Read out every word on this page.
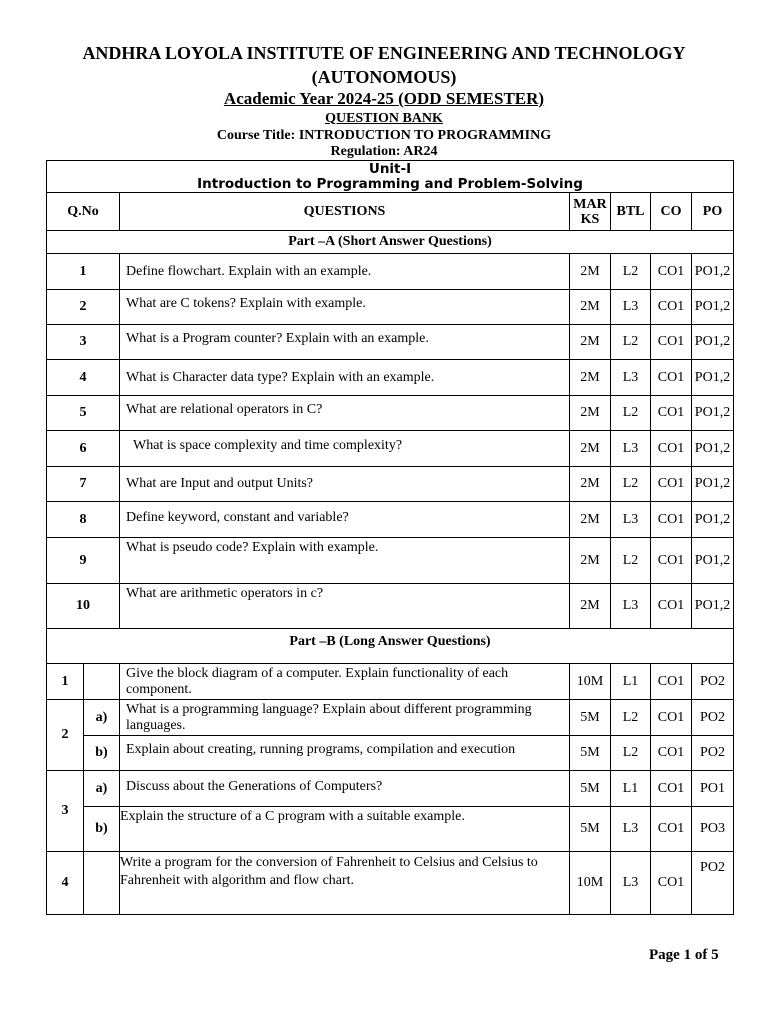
ANDHRA LOYOLA INSTITUTE OF ENGINEERING AND TECHNOLOGY
(AUTONOMOUS)
Academic Year 2024-25 (ODD SEMESTER)
QUESTION BANK
Course Title: INTRODUCTION TO PROGRAMMING
Regulation: AR24
Unit-I
Introduction to Programming and Problem-Solving						

Q.No		QUESTIONS	MAR KS	BTL	CO	PO
Part –A (Short Answer Questions)						
1		Define flowchart. Explain with an example.	2M	L2	CO1	PO1,2
2		What are C tokens? Explain with example.	2M	L3	CO1	PO1,2
3		What is a Program counter? Explain with an example.	2M	L2	CO1	PO1,2
4		What is Character data type? Explain with an example.	2M	L3	CO1	PO1,2
5		What are relational operators in C?	2M	L2	CO1	PO1,2
6		What is space complexity and time complexity?	2M	L3	CO1	PO1,2
7		What are Input and output Units?	2M	L2	CO1	PO1,2
8		Define keyword, constant and variable?	2M	L3	CO1	PO1,2
9		What is pseudo code? Explain with example.	2M	L2	CO1	PO1,2
10		What are arithmetic operators in c?	2M	L3	CO1	PO1,2
Part –B (Long Answer Questions)						
1		Give the block diagram of a computer. Explain functionality of each component.	10M	L1	CO1	PO2
2	a)	What is a programming language? Explain about different programming languages.	5M	L2	CO1	PO2
	b)	Explain about creating, running programs, compilation and execution	5M	L2	CO1	PO2
3	a)	Discuss about the Generations of Computers?	5M	L1	CO1	PO1
	b)	Explain the structure of a C program with a suitable example.	5M	L3	CO1	PO3
4		Write a program for the conversion of Fahrenheit to Celsius and Celsius to Fahrenheit with algorithm and flow chart.	10M	L3	CO1	PO2
Page 1 of 5
